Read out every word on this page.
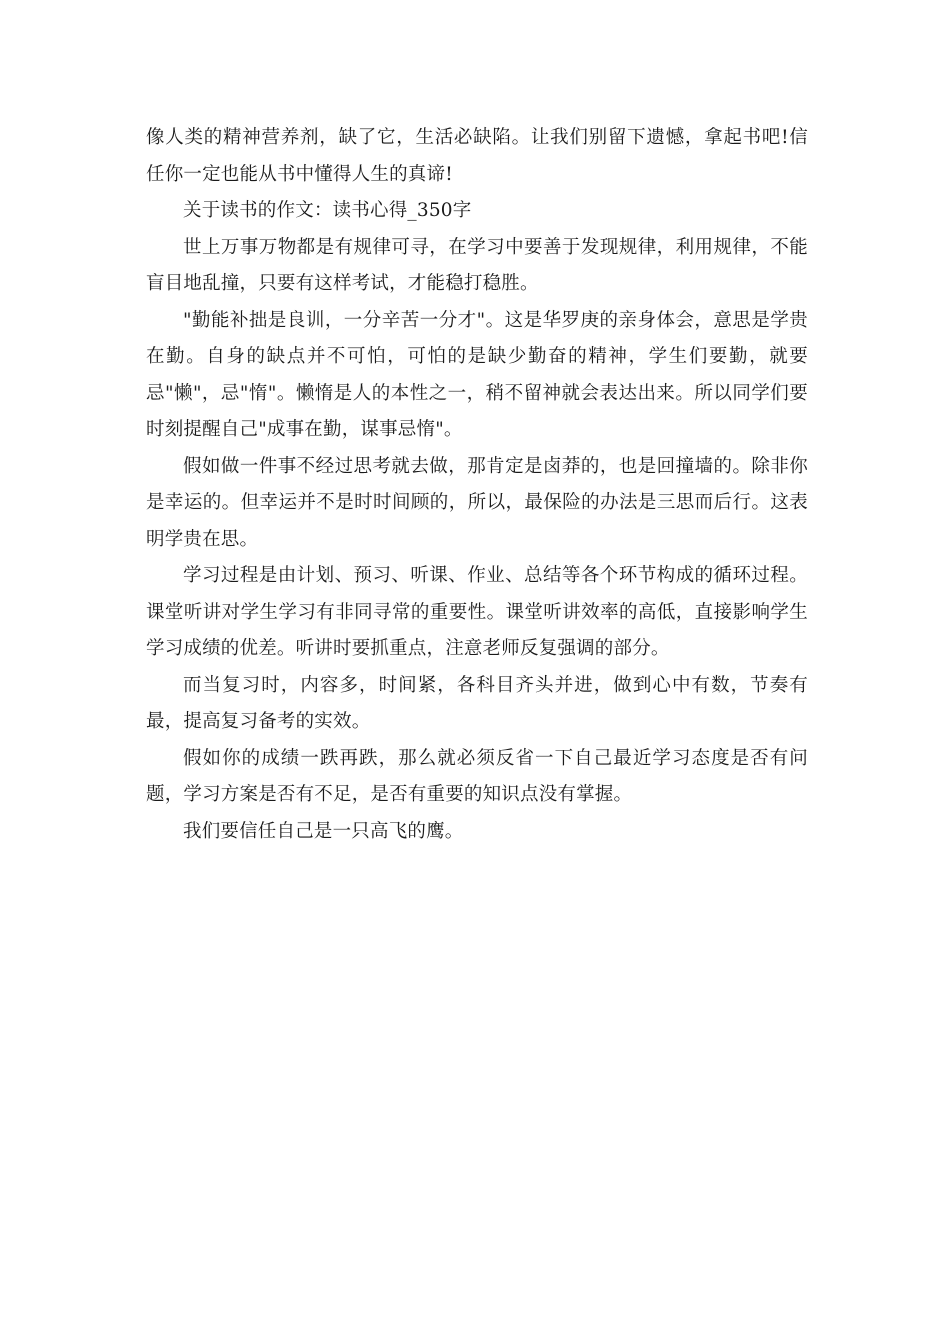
像人类的精神营养剂，缺了它，生活必缺陷。让我们别留下遗憾，拿起书吧!信任你一定也能从书中懂得人生的真谛!

关于读书的作文：读书心得_350字

世上万事万物都是有规律可寻，在学习中要善于发现规律，利用规律，不能盲目地乱撞，只要有这样考试，才能稳打稳胜。

"勤能补拙是良训，一分辛苦一分才"。这是华罗庚的亲身体会，意思是学贵在勤。自身的缺点并不可怕，可怕的是缺少勤奋的精神，学生们要勤，就要忌"懒"，忌"惰"。懒惰是人的本性之一，稍不留神就会表达出来。所以同学们要时刻提醒自己"成事在勤，谋事忌惰"。

假如做一件事不经过思考就去做，那肯定是卤莽的，也是回撞墙的。除非你是幸运的。但幸运并不是时时间顾的，所以，最保险的办法是三思而后行。这表明学贵在思。

学习过程是由计划、预习、听课、作业、总结等各个环节构成的循环过程。课堂听讲对学生学习有非同寻常的重要性。课堂听讲效率的高低，直接影响学生学习成绩的优差。听讲时要抓重点，注意老师反复强调的部分。

而当复习时，内容多，时间紧，各科目齐头并进，做到心中有数，节奏有最，提高复习备考的实效。

假如你的成绩一跌再跌，那么就必须反省一下自己最近学习态度是否有问题，学习方案是否有不足，是否有重要的知识点没有掌握。

我们要信任自己是一只高飞的鹰。
